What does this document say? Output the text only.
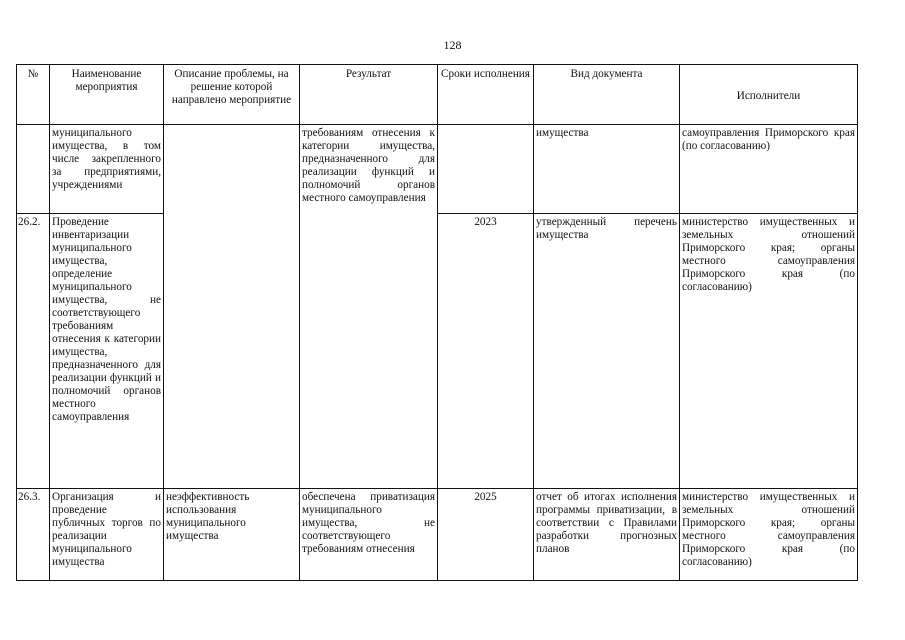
128
№	Наименование мероприятия	Описание проблемы, на решение которой направлено мероприятие	Результат	Сроки исполнения	Вид документа	Исполнители
	муниципального имущества, в том числе закрепленного за предприятиями, учреждениями		требованиям отнесения к категории имущества, предназначенного для реализации функций и полномочий органов местного самоуправления		имущества	самоуправления Приморского края (по согласованию)
26.2.	Проведение инвентаризации муниципального имущества, определение муниципального имущества, не соответствующего требованиям отнесения к категории имущества, предназначенного для реализации функций и полномочий органов местного самоуправления			2023	утвержденный перечень имущества	министерство имущественных и земельных отношений Приморского края; органы местного самоуправления Приморского края (по согласованию)
26.3.	Организация и проведение публичных торгов по реализации муниципального имущества	неэффективность использования муниципального имущества	обеспечена приватизация муниципального имущества, не соответствующего требованиям отнесения	2025	отчет об итогах исполнения программы приватизации, в соответствии с Правилами разработки прогнозных планов	министерство имущественных и земельных отношений Приморского края; органы местного самоуправления Приморского края (по согласованию)
